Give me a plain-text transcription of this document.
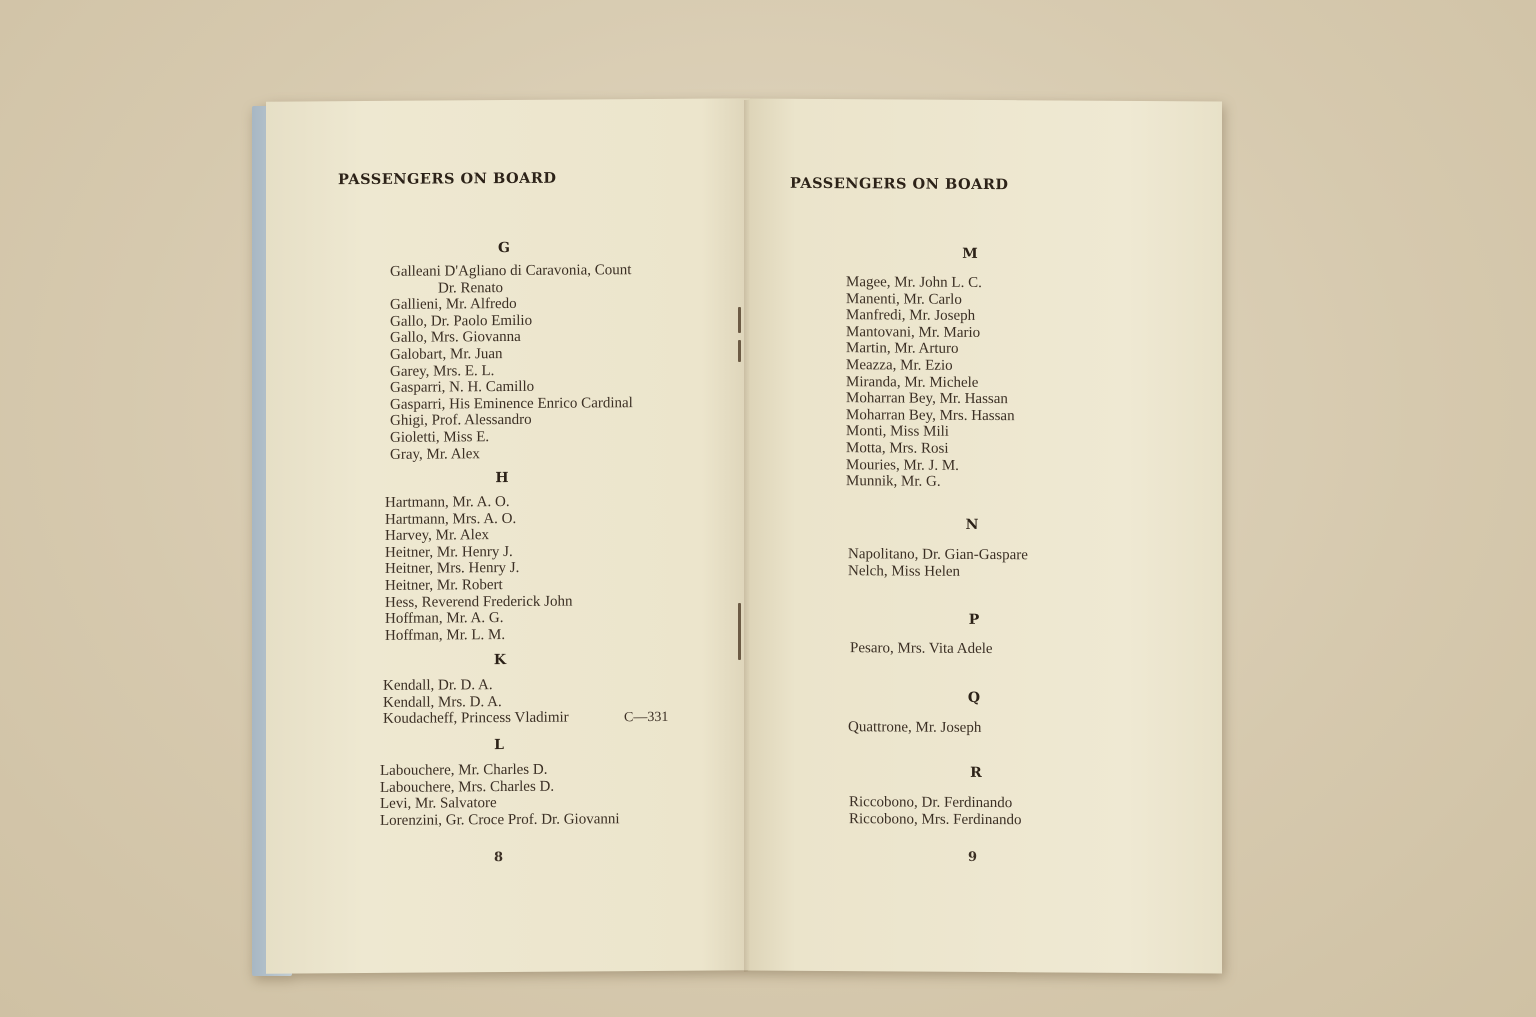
PASSENGERS ON BOARD
G
Galleani D'Agliano di Caravonia, Count
Dr. Renato
Gallieni, Mr. Alfredo
Gallo, Dr. Paolo Emilio
Gallo, Mrs. Giovanna
Galobart, Mr. Juan
Garey, Mrs. E. L.
Gasparri, N. H. Camillo
Gasparri, His Eminence Enrico Cardinal
Ghigi, Prof. Alessandro
Gioletti, Miss E.
Gray, Mr. Alex
H
Hartmann, Mr. A. O.
Hartmann, Mrs. A. O.
Harvey, Mr. Alex
Heitner, Mr. Henry J.
Heitner, Mrs. Henry J.
Heitner, Mr. Robert
Hess, Reverend Frederick John
Hoffman, Mr. A. G.
Hoffman, Mr. L. M.
K
Kendall, Dr. D. A.
Kendall, Mrs. D. A.
Koudacheff, Princess Vladimir	C—331
L
Labouchere, Mr. Charles D.
Labouchere, Mrs. Charles D.
Levi, Mr. Salvatore
Lorenzini, Gr. Croce Prof. Dr. Giovanni
8
PASSENGERS ON BOARD
M
Magee, Mr. John L. C.
Manenti, Mr. Carlo
Manfredi, Mr. Joseph
Mantovani, Mr. Mario
Martin, Mr. Arturo
Meazza, Mr. Ezio
Miranda, Mr. Michele
Moharran Bey, Mr. Hassan
Moharran Bey, Mrs. Hassan
Monti, Miss Mili
Motta, Mrs. Rosi
Mouries, Mr. J. M.
Munnik, Mr. G.
N
Napolitano, Dr. Gian-Gaspare
Nelch, Miss Helen
P
Pesaro, Mrs. Vita Adele
Q
Quattrone, Mr. Joseph
R
Riccobono, Dr. Ferdinando
Riccobono, Mrs. Ferdinando
9
